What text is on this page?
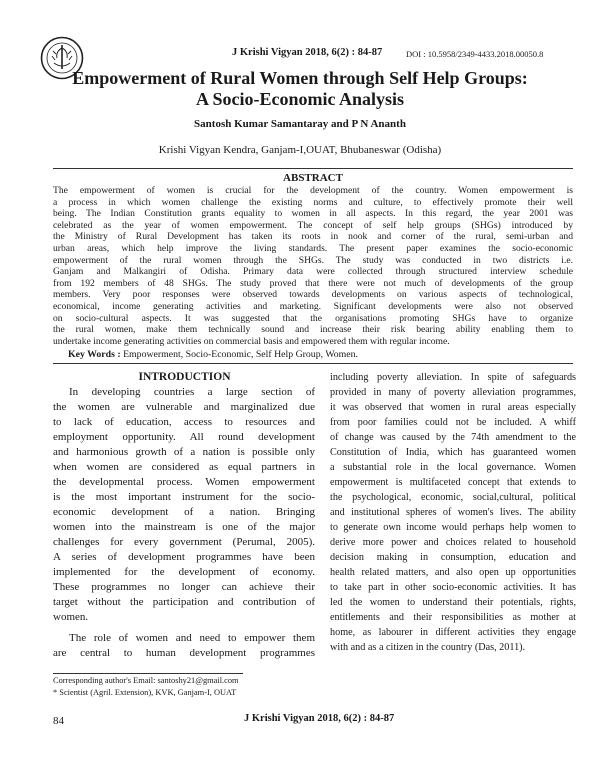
J Krishi Vigyan 2018, 6(2) : 84-87	DOI : 10.5958/2349-4433.2018.00050.8
Empowerment of Rural Women through Self Help Groups:
A Socio-Economic Analysis
Santosh Kumar Samantaray and P N Ananth
Krishi Vigyan Kendra, Ganjam-I,OUAT, Bhubaneswar (Odisha)
ABSTRACT
The empowerment of women is crucial for the development of the country. Women empowerment is
a process in which women challenge the existing norms and culture, to effectively promote their well
being. The Indian Constitution grants equality to women in all aspects. In this regard, the year 2001 was
celebrated as the year of women empowerment. The concept of self help groups (SHGs) introduced by
the Ministry of Rural Development has taken its roots in nook and corner of the rural, semi-urban and
urban areas, which help improve the living standards. The present paper examines the socio-economic
empowerment of the rural women through the SHGs. The study was conducted in two districts i.e.
Ganjam and Malkangiri of Odisha. Primary data were collected through structured interview schedule
from 192 members of 48 SHGs. The study proved that there were not much of developments of the group
members. Very poor responses were observed towards developments on various aspects of technological,
economical, income generating activities and marketing. Significant developments were also not observed
on socio-cultural aspects. It was suggested that the organisations promoting SHGs have to organize
the rural women, make them technically sound and increase their risk bearing ability enabling them to
undertake income generating activities on commercial basis and empowered them with regular income.
Key Words : Empowerment, Socio-Economic, Self Help Group, Women.
INTRODUCTION
In developing countries a large section of
the women are vulnerable and marginalized due
to lack of education, access to resources and
employment opportunity. All round development
and harmonious growth of a nation is possible only
when women are considered as equal partners in
the developmental process. Women empowerment
is the most important instrument for the socio-
economic development of a nation. Bringing
women into the mainstream is one of the major
challenges for every government (Perumal, 2005).
A series of development programmes have been
implemented for the development of economy.
These programmes no longer can achieve their
target without the participation and contribution of
women.
The role of women and need to empower them
are central to human development programmes
including poverty alleviation. In spite of safeguards
provided in many of poverty alleviation programmes,
it was observed that women in rural areas especially
from poor families could not be included. A whiff
of change was caused by the 74th amendment to the
Constitution of India, which has guaranteed women
a substantial role in the local governance. Women
empowerment is multifaceted concept that extends to
the psychological, economic, social,cultural, political
and institutional spheres of women's lives. The ability
to generate own income would perhaps help women to
derive more power and choices related to household
decision making in consumption, education and
health related matters, and also open up opportunities
to take part in other socio-economic activities. It has
led the women to understand their potentials, rights,
entitlements and their responsibilities as mother at
home, as labourer in different activities they engage
with and as a citizen in the country (Das, 2011).
Corresponding author's Email: santoshy21@gmail.com
* Scientist (Agril. Extension), KVK, Ganjam-I, OUAT
84	J Krishi Vigyan 2018, 6(2) : 84-87
